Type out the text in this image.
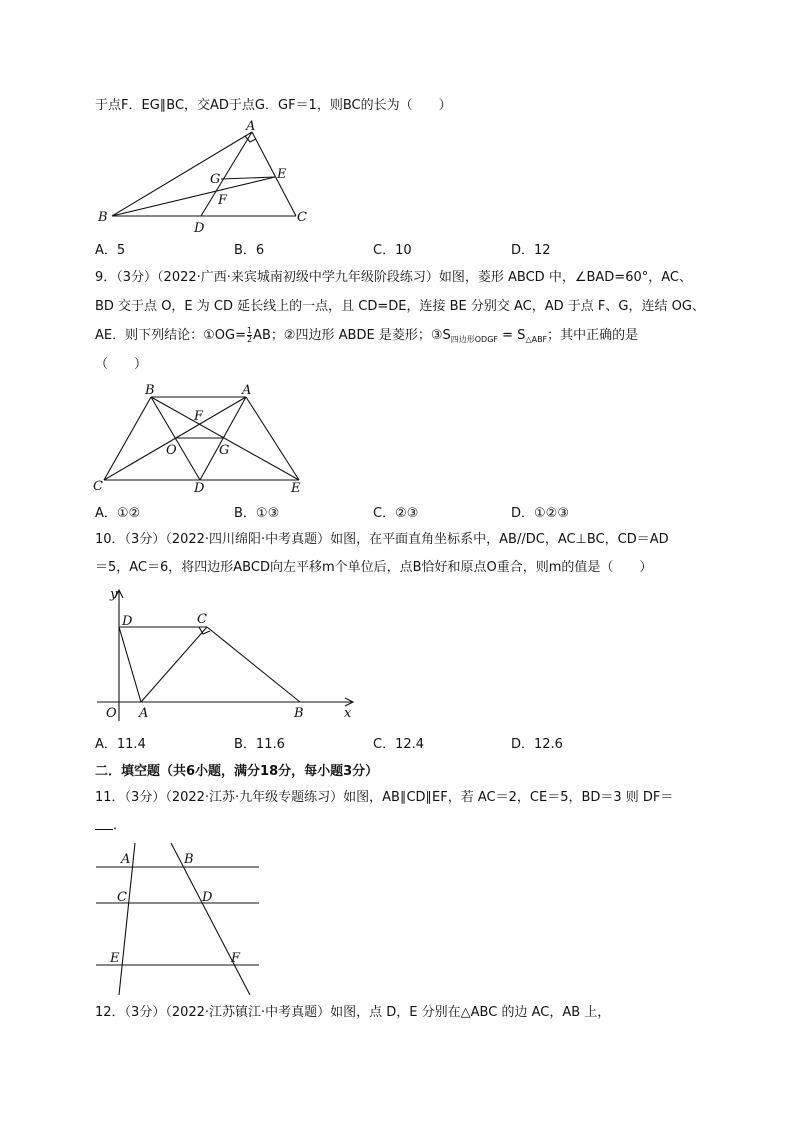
于点F．EG∥BC，交AD于点G．GF＝1，则BC的长为（　　）
A
E
G
F
B
D
C
A．5	B．6	C．10	D．12
9．（3分）（2022·广西·来宾城南初级中学九年级阶段练习）如图，菱形 ABCD 中，∠BAD=60°，AC、
BD 交于点 O，E 为 CD 延长线上的一点，且 CD=DE，连接 BE 分别交 AC，AD 于点 F、G，连结 OG、
AE．则下列结论：①OG= $\frac{1}{2}$ AB；②四边形 ABDE 是菱形；$③S_{四边形ODGF} = S_{\triangle ABF}$；其中正确的是
（　　）
B	A
F
O	G
C	D	E
A．①②	B．①③	C．②③	D．①②③
10．（3分）（2022·四川绵阳·中考真题）如图，在平面直角坐标系中，AB//DC，AC⊥BC，CD＝AD
＝5，AC＝6，将四边形ABCD向左平移m个单位后，点B恰好和原点O重合，则m的值是（　　）
y
D	C
O A	B	x
A．11.4	B．11.6	C．12.4	D．12.6
二．填空题（共6小题，满分18分，每小题3分）
11．（3分）（2022·江苏·九年级专题练习）如图，AB∥CD∥EF，若 AC＝2，CE＝5，BD＝3 则 DF＝
．
A	B
C	D
E	F
12．（3分）（2022·江苏镇江·中考真题）如图，点 D，E 分别在△ABC 的边 AC，AB 上，
